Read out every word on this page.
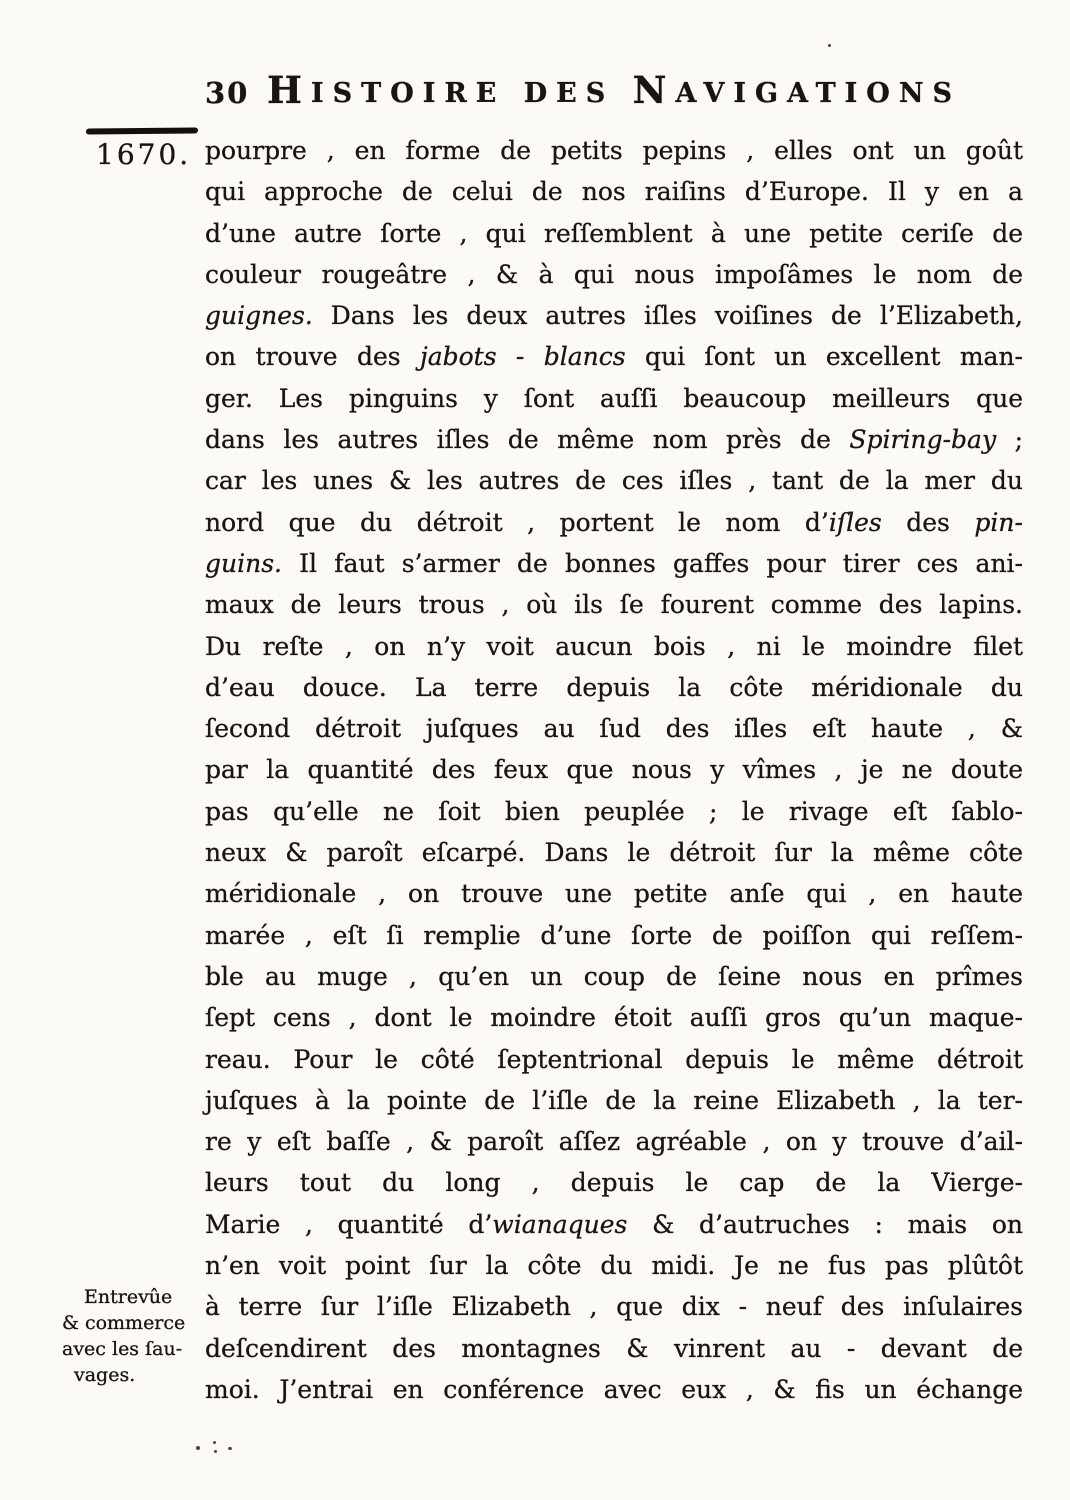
30 HISTOIRE DES NAVIGATIONS
1670. pourpre , en forme de petits pepins , elles ont un goût
qui approche de celui de nos raiſins d’Europe. Il y en a
d’une autre ſorte , qui reſſemblent à une petite ceriſe de
couleur rougeâtre , & à qui nous impoſâmes le nom de
guignes. Dans les deux autres iſles voiſines de l’Elizabeth,
on trouve des jabots - blancs qui ſont un excellent man-
ger. Les pinguins y ſont auſſi beaucoup meilleurs que
dans les autres iſles de même nom près de Spiring-bay ;
car les unes & les autres de ces iſles , tant de la mer du
nord que du détroit , portent le nom d’iſles des pin-
guins. Il faut s’armer de bonnes gaffes pour tirer ces ani-
maux de leurs trous , où ils ſe fourent comme des lapins.
Du reſte , on n’y voit aucun bois , ni le moindre filet
d’eau douce. La terre depuis la côte méridionale du
ſecond détroit juſques au ſud des iſles eſt haute , &
par la quantité des feux que nous y vîmes , je ne doute
pas qu’elle ne ſoit bien peuplée ; le rivage eſt ſablo-
neux & paroît eſcarpé. Dans le détroit ſur la même côte
méridionale , on trouve une petite anſe qui , en haute
marée , eſt ſi remplie d’une ſorte de poiſſon qui reſſem-
ble au muge , qu’en un coup de ſeine nous en prîmes
ſept cens , dont le moindre étoit auſſi gros qu’un maque-
reau. Pour le côté ſeptentrional depuis le même détroit
juſques à la pointe de l’iſle de la reine Elizabeth , la ter-
re y eſt baſſe , & paroît aſſez agréable , on y trouve d’ail-
leurs tout du long , depuis le cap de la Vierge-
Marie , quantité d’wianaques & d’autruches : mais on
n’en voit point ſur la côte du midi. Je ne fus pas plûtôt
à terre ſur l’iſle Elizabeth , que dix - neuf des inſulaires
deſcendirent des montagnes & vinrent au - devant de
moi. J’entrai en conférence avec eux , & fis un échange
Entrevûe
& commerce
avec les ſau-
vages.
